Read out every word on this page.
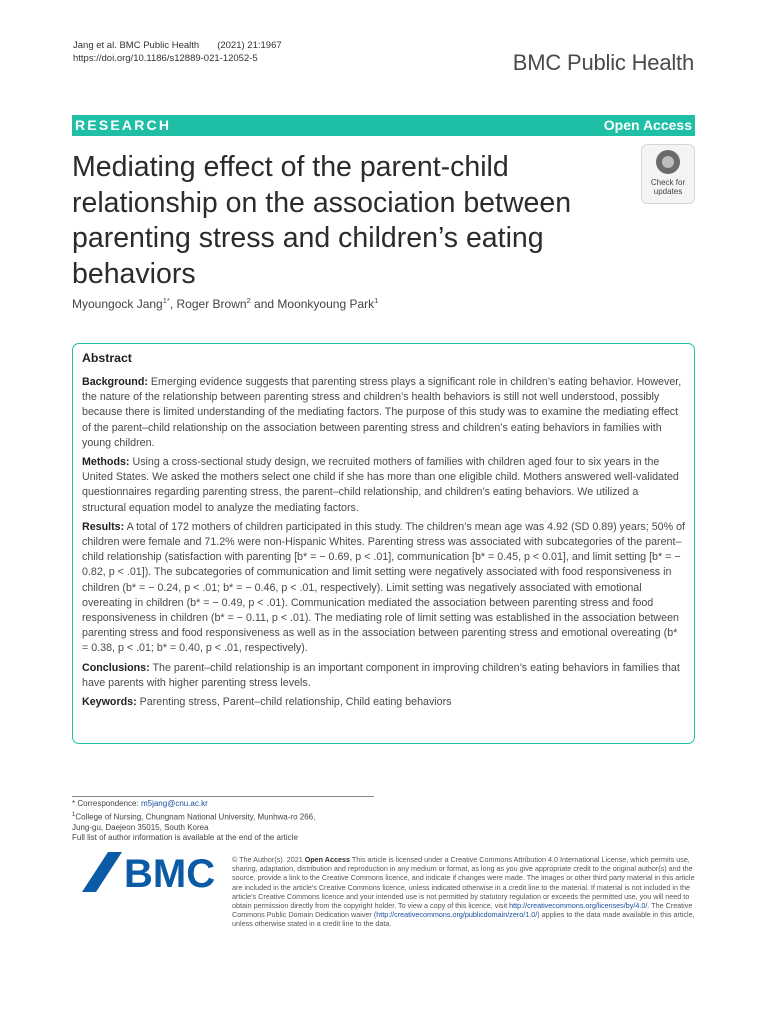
Jang et al. BMC Public Health (2021) 21:1967
https://doi.org/10.1186/s12889-021-12052-5	BMC Public Health
RESEARCH	Open Access
Mediating effect of the parent-child relationship on the association between parenting stress and children’s eating behaviors
Check for
updates
Myoungock Jang$^{1*}$, Roger Brown$^2$ and Moonkyoung Park$^1$
Abstract

Background: Emerging evidence suggests that parenting stress plays a significant role in children’s eating behavior. However, the nature of the relationship between parenting stress and children’s health behaviors is still not well understood, possibly because there is limited understanding of the mediating factors. The purpose of this study was to examine the mediating effect of the parent–child relationship on the association between parenting stress and children’s eating behaviors in families with young children.

Methods: Using a cross-sectional study design, we recruited mothers of families with children aged four to six years in the United States. We asked the mothers select one child if she has more than one eligible child. Mothers answered well-validated questionnaires regarding parenting stress, the parent–child relationship, and children’s eating behaviors. We utilized a structural equation model to analyze the mediating factors.

Results: A total of 172 mothers of children participated in this study. The children’s mean age was 4.92 (SD 0.89) years; 50% of children were female and 71.2% were non-Hispanic Whites. Parenting stress was associated with subcategories of the parent–child relationship (satisfaction with parenting [b* = − 0.69, p < .01], communication [b* = 0.45, p < 0.01], and limit setting [b* = − 0.82, p < .01]). The subcategories of communication and limit setting were negatively associated with food responsiveness in children (b* = − 0.24, p < .01; b* = − 0.46, p < .01, respectively). Limit setting was negatively associated with emotional overeating in children (b* = − 0.49, p < .01). Communication mediated the association between parenting stress and food responsiveness in children (b* = − 0.11, p < .01). The mediating role of limit setting was established in the association between parenting stress and food responsiveness as well as in the association between parenting stress and emotional overeating (b* = 0.38, p < .01; b* = 0.40, p < .01, respectively).

Conclusions: The parent–child relationship is an important component in improving children’s eating behaviors in families that have parents with higher parenting stress levels.

Keywords: Parenting stress, Parent–child relationship, Child eating behaviors

* Correspondence: m5jang@cnu.ac.kr
$^1$College of Nursing, Chungnam National University, Munhwa-ro 266,
Jung-gu, Daejeon 35015, South Korea
Full list of author information is available at the end of the article
BMC © The Author(s). 2021 Open Access This article is licensed under a Creative Commons Attribution 4.0 International License, which permits use, sharing, adaptation, distribution and reproduction in any medium or format, as long as you give appropriate credit to the original author(s) and the source, provide a link to the Creative Commons licence, and indicate if changes were made. The images or other third party material in this article are included in the article's Creative Commons licence, unless indicated otherwise in a credit line to the material. If material is not included in the article's Creative Commons licence and your intended use is not permitted by statutory regulation or exceeds the permitted use, you will need to obtain permission directly from the copyright holder. To view a copy of this licence, visit http://creativecommons.org/licenses/by/4.0/. The Creative Commons Public Domain Dedication waiver (http://creativecommons.org/publicdomain/zero/1.0/) applies to the data made available in this article, unless otherwise stated in a credit line to the data.
